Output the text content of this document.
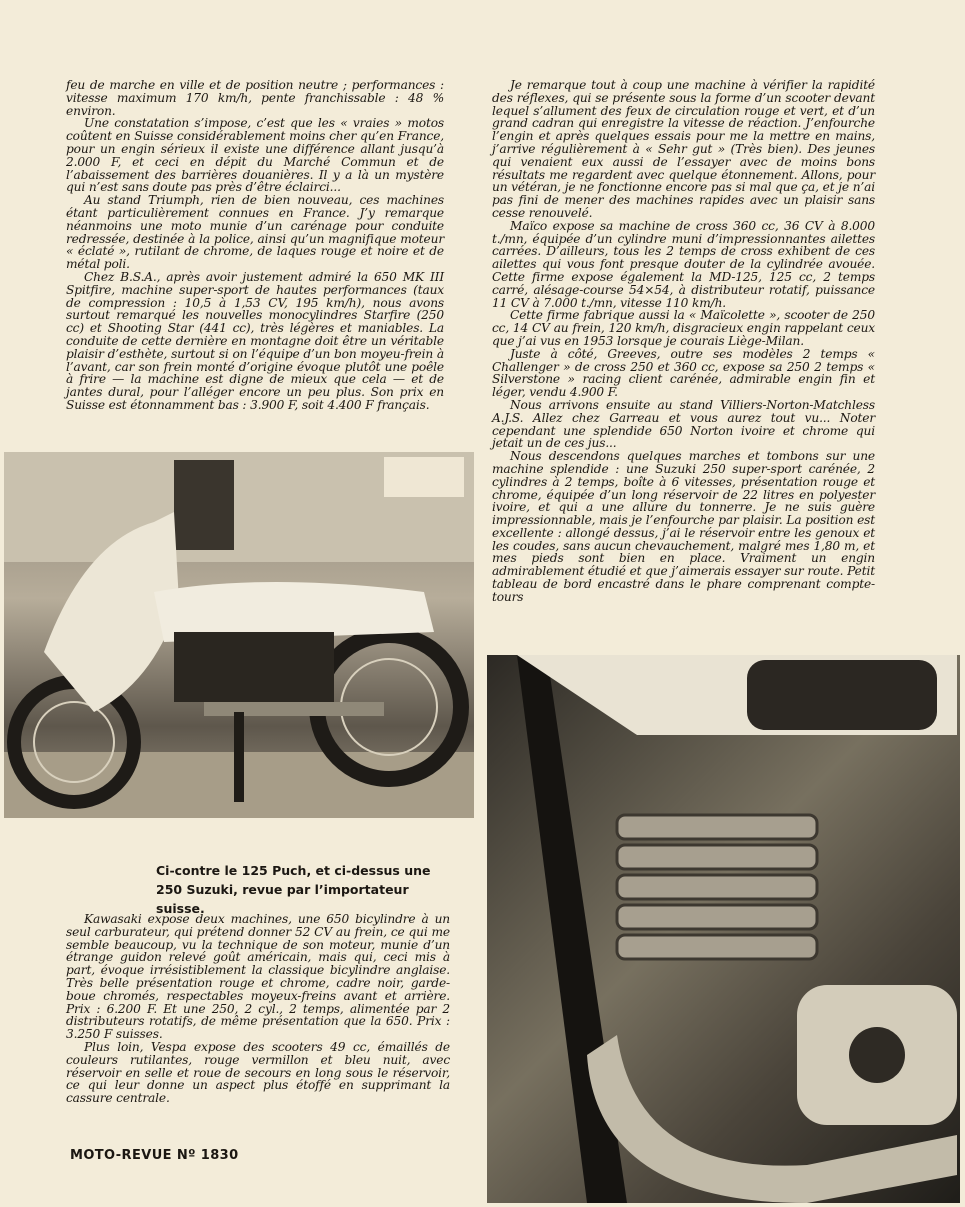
feu de marche en ville et de position neutre ; performances : vitesse maximum 170 km/h, pente franchissable : 48 % environ.

Une constatation s’impose, c’est que les « vraies » motos coûtent en Suisse considérablement moins cher qu’en France, pour un engin sérieux il existe une différence allant jusqu’à 2.000 F, et ceci en dépit du Marché Commun et de l’abaissement des barrières douanières. Il y a là un mystère qui n’est sans doute pas près d’être éclairci...

Au stand Triumph, rien de bien nouveau, ces machines étant particulièrement connues en France. J’y remarque néanmoins une moto munie d’un carénage pour conduite redressée, destinée à la police, ainsi qu’un magnifique moteur « éclaté », rutilant de chrome, de laques rouge et noire et de métal poli.

Chez B.S.A., après avoir justement admiré la 650 MK III Spitfire, machine super-sport de hautes performances (taux de compression : 10,5 à 1,53 CV, 195 km/h), nous avons surtout remarqué les nouvelles monocylindres Starfire (250 cc) et Shooting Star (441 cc), très légères et maniables. La conduite de cette dernière en montagne doit être un véritable plaisir d’esthète, surtout si on l’équipe d’un bon moyeu-frein à l’avant, car son frein monté d’origine évoque plutôt une poêle à frire — la machine est digne de mieux que cela — et de jantes dural, pour l’alléger encore un peu plus. Son prix en Suisse est étonnamment bas : 3.900 F, soit 4.400 F français.

Je remarque tout à coup une machine à vérifier la rapidité des réflexes, qui se présente sous la forme d’un scooter devant lequel s’allument des feux de circulation rouge et vert, et d’un grand cadran qui enregistre la vitesse de réaction. J’enfourche l’engin et après quelques essais pour me la mettre en mains, j’arrive régulièrement à « Sehr gut » (Très bien). Des jeunes qui venaient eux aussi de l’essayer avec de moins bons résultats me regardent avec quelque étonnement. Allons, pour un vétéran, je ne fonctionne encore pas si mal que ça, et je n’ai pas fini de mener des machines rapides avec un plaisir sans cesse renouvelé.

Maïco expose sa machine de cross 360 cc, 36 CV à 8.000 t./mn, équipée d’un cylindre muni d’impressionnantes ailettes carrées. D’ailleurs, tous les 2 temps de cross exhibent de ces ailettes qui vous font presque douter de la cylindrée avouée. Cette firme expose également la MD-125, 125 cc, 2 temps carré, alésage-course 54×54, à distributeur rotatif, puissance 11 CV à 7.000 t./mn, vitesse 110 km/h.

Cette firme fabrique aussi la « Maïcolette », scooter de 250 cc, 14 CV au frein, 120 km/h, disgracieux engin rappelant ceux que j’ai vus en 1953 lorsque je courais Liège-Milan.

Juste à côté, Greeves, outre ses modèles 2 temps « Challenger » de cross 250 et 360 cc, expose sa 250 2 temps « Silverstone » racing client carénée, admirable engin fin et léger, vendu 4.900 F.

Nous arrivons ensuite au stand Villiers-Norton-Matchless A.J.S. Allez chez Garreau et vous aurez tout vu... Noter cependant une splendide 650 Norton ivoire et chrome qui jetait un de ces jus...

Nous descendons quelques marches et tombons sur une machine splendide : une Suzuki 250 super-sport carénée, 2 cylindres à 2 temps, boîte à 6 vitesses, présentation rouge et chrome, équipée d’un long réservoir de 22 litres en polyester ivoire, et qui a une allure du tonnerre. Je ne suis guère impressionnable, mais je l’enfourche par plaisir. La position est excellente : allongé dessus, j’ai le réservoir entre les genoux et les coudes, sans aucun chevauchement, malgré mes 1,80 m, et mes pieds sont bien en place. Vraiment un engin admirablement étudié et que j’aimerais essayer sur route. Petit tableau de bord encastré dans le phare comprenant compte-tours

Ci-contre le 125 Puch, et ci-dessus une 250 Suzuki, revue par l’importateur suisse.

Kawasaki expose deux machines, une 650 bicylindre à un seul carburateur, qui prétend donner 52 CV au frein, ce qui me semble beaucoup, vu la technique de son moteur, munie d’un étrange guidon relevé goût américain, mais qui, ceci mis à part, évoque irrésistiblement la classique bicylindre anglaise. Très belle présentation rouge et chrome, cadre noir, garde-boue chromés, respectables moyeux-freins avant et arrière. Prix : 6.200 F. Et une 250, 2 cyl., 2 temps, alimentée par 2 distributeurs rotatifs, de même présentation que la 650. Prix : 3.250 F suisses.

Plus loin, Vespa expose des scooters 49 cc, émaillés de couleurs rutilantes, rouge vermillon et bleu nuit, avec réservoir en selle et roue de secours en long sous le réservoir, ce qui leur donne un aspect plus étoffé en supprimant la cassure centrale.

MOTO-REVUE Nº 1830
